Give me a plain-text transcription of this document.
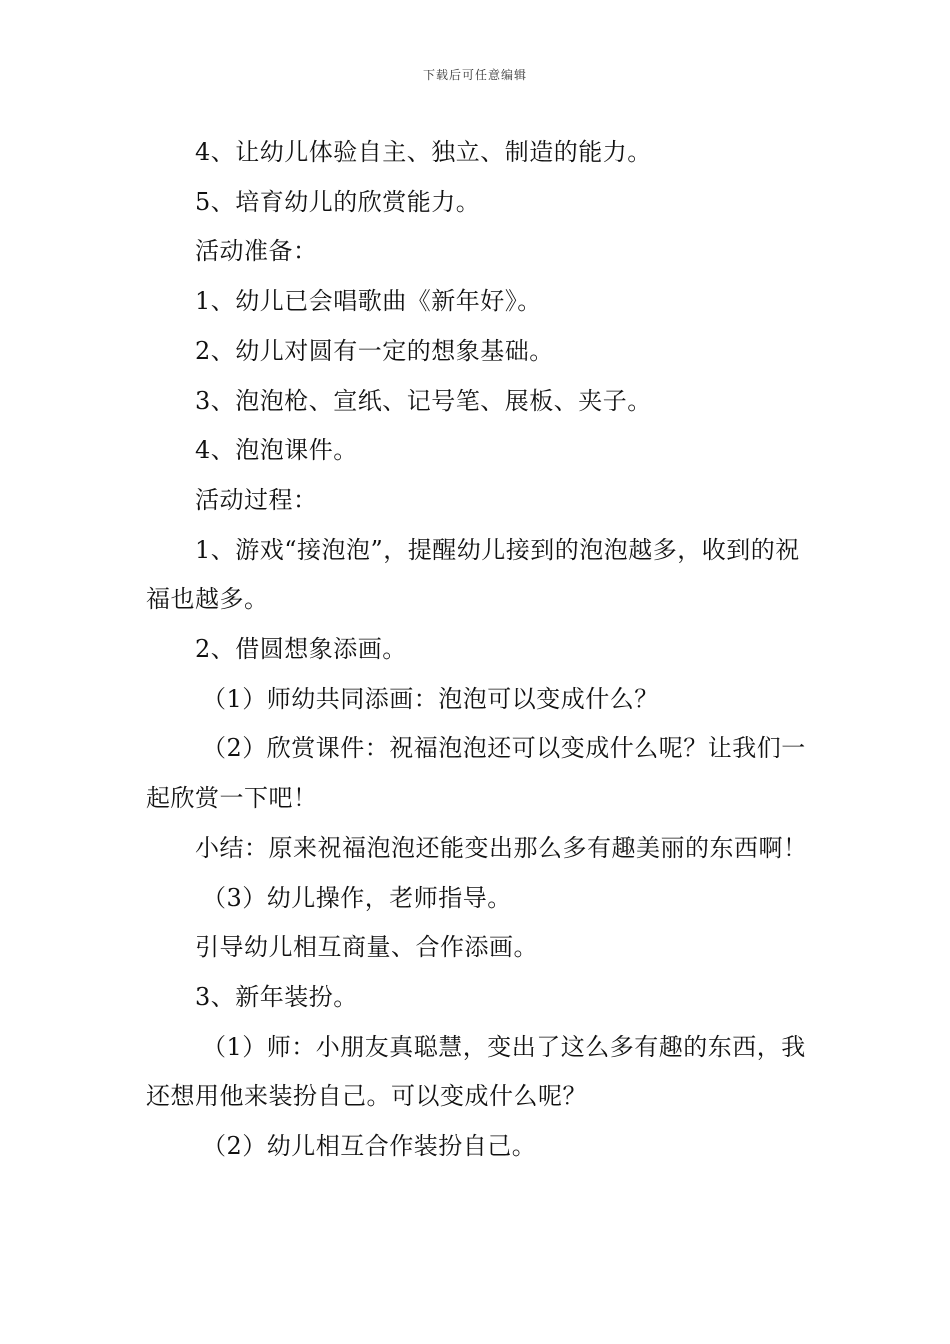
下载后可任意编辑

4、让幼儿体验自主、独立、制造的能力。

5、培育幼儿的欣赏能力。

活动准备：

1、幼儿已会唱歌曲《新年好》。

2、幼儿对圆有一定的想象基础。

3、泡泡枪、宣纸、记号笔、展板、夹子。

4、泡泡课件。

活动过程：

1、游戏“接泡泡”，提醒幼儿接到的泡泡越多，收到的祝福也越多。

2、借圆想象添画。

（1）师幼共同添画：泡泡可以变成什么？

（2）欣赏课件：祝福泡泡还可以变成什么呢？让我们一起欣赏一下吧！

小结：原来祝福泡泡还能变出那么多有趣美丽的东西啊！

（3）幼儿操作，老师指导。

引导幼儿相互商量、合作添画。

3、新年装扮。

（1）师：小朋友真聪慧，变出了这么多有趣的东西，我还想用他来装扮自己。可以变成什么呢？

（2）幼儿相互合作装扮自己。
